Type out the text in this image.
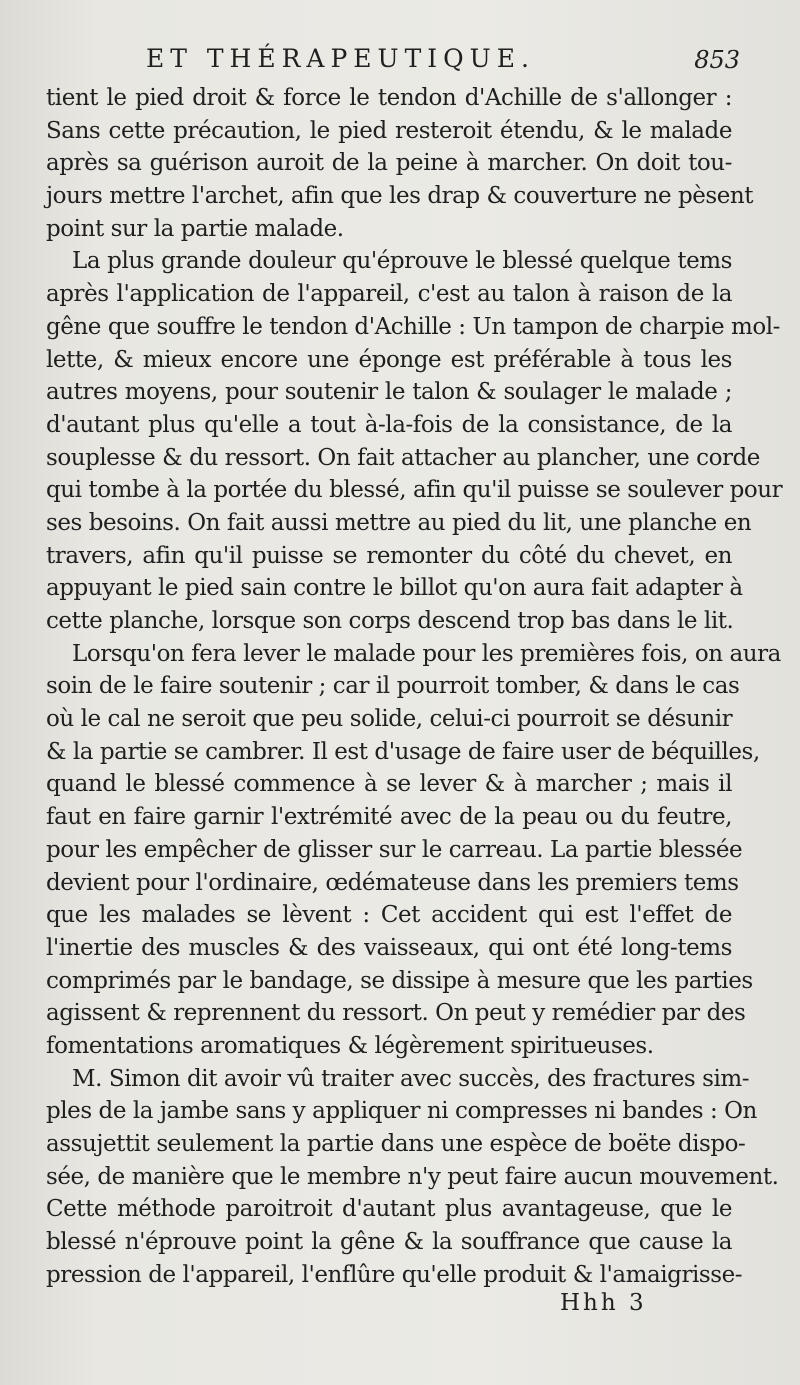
ET THÉRAPEUTIQUE.	853
tient le pied droit & force le tendon d'Achille de s'allonger :
Sans cette précaution, le pied resteroit étendu, & le malade
après sa guérison auroit de la peine à marcher. On doit tou-
jours mettre l'archet, afin que les drap & couverture ne pèsent
point sur la partie malade.
La plus grande douleur qu'éprouve le blessé quelque tems
après l'application de l'appareil, c'est au talon à raison de la
gêne que souffre le tendon d'Achille : Un tampon de charpie mol-
lette, & mieux encore une éponge est préférable à tous les
autres moyens, pour soutenir le talon & soulager le malade ;
d'autant plus qu'elle a tout à-la-fois de la consistance, de la
souplesse & du ressort. On fait attacher au plancher, une corde
qui tombe à la portée du blessé, afin qu'il puisse se soulever pour
ses besoins. On fait aussi mettre au pied du lit, une planche en
travers, afin qu'il puisse se remonter du côté du chevet, en
appuyant le pied sain contre le billot qu'on aura fait adapter à
cette planche, lorsque son corps descend trop bas dans le lit.
Lorsqu'on fera lever le malade pour les premières fois, on aura
soin de le faire soutenir ; car il pourroit tomber, & dans le cas
où le cal ne seroit que peu solide, celui-ci pourroit se désunir
& la partie se cambrer. Il est d'usage de faire user de béquilles,
quand le blessé commence à se lever & à marcher ; mais il
faut en faire garnir l'extrémité avec de la peau ou du feutre,
pour les empêcher de glisser sur le carreau. La partie blessée
devient pour l'ordinaire, œdémateuse dans les premiers tems
que les malades se lèvent : Cet accident qui est l'effet de
l'inertie des muscles & des vaisseaux, qui ont été long-tems
comprimés par le bandage, se dissipe à mesure que les parties
agissent & reprennent du ressort. On peut y remédier par des
fomentations aromatiques & légèrement spiritueuses.
M. Simon dit avoir vû traiter avec succès, des fractures sim-
ples de la jambe sans y appliquer ni compresses ni bandes : On
assujettit seulement la partie dans une espèce de boëte dispo-
sée, de manière que le membre n'y peut faire aucun mouvement.
Cette méthode paroitroit d'autant plus avantageuse, que le
blessé n'éprouve point la gêne & la souffrance que cause la
pression de l'appareil, l'enflûre qu'elle produit & l'amaigrisse-
Hhh 3
